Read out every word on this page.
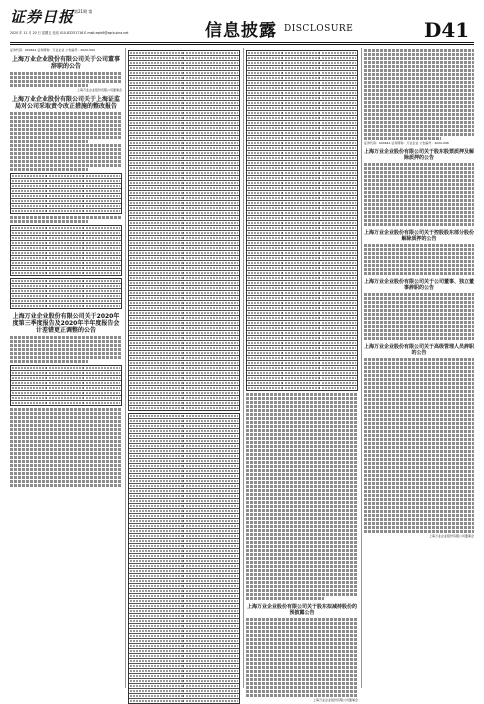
证券日报 第21期 第
2020 年 11 月 20 日 星期五 电话 010-83251716 E-mail:zqrb9@zqrb.sina.net	信息披露 DISCLOSURE	D41
证券代码：600641 证券简称：万业企业 公告编号：2020-094
上海万业企业股份有限公司关于公司董事辞职的公告
上海万业企业股份有限公司董事会
上海万业企业股份有限公司关于上海证监局对公司采取责令改正措施的整改报告
上海万业企业股份有限公司关于2020年度第三季度报告及2020年半年度报告会计差错更正调整的公告
上海万业企业股份有限公司关于股东拟减持股份的预披露公告
上海万业企业股份有限公司董事会
证券代码：600641 证券简称：万业企业 公告编号：2020-096
上海万业企业股份有限公司关于股东股票质押及解除质押的公告
上海万业企业股份有限公司关于控股股东部分股份解除质押的公告
上海万业企业股份有限公司关于公司董事、独立董事辞职的公告
上海万业企业股份有限公司关于高级管理人员辞职的公告
上海万业企业股份有限公司董事会
